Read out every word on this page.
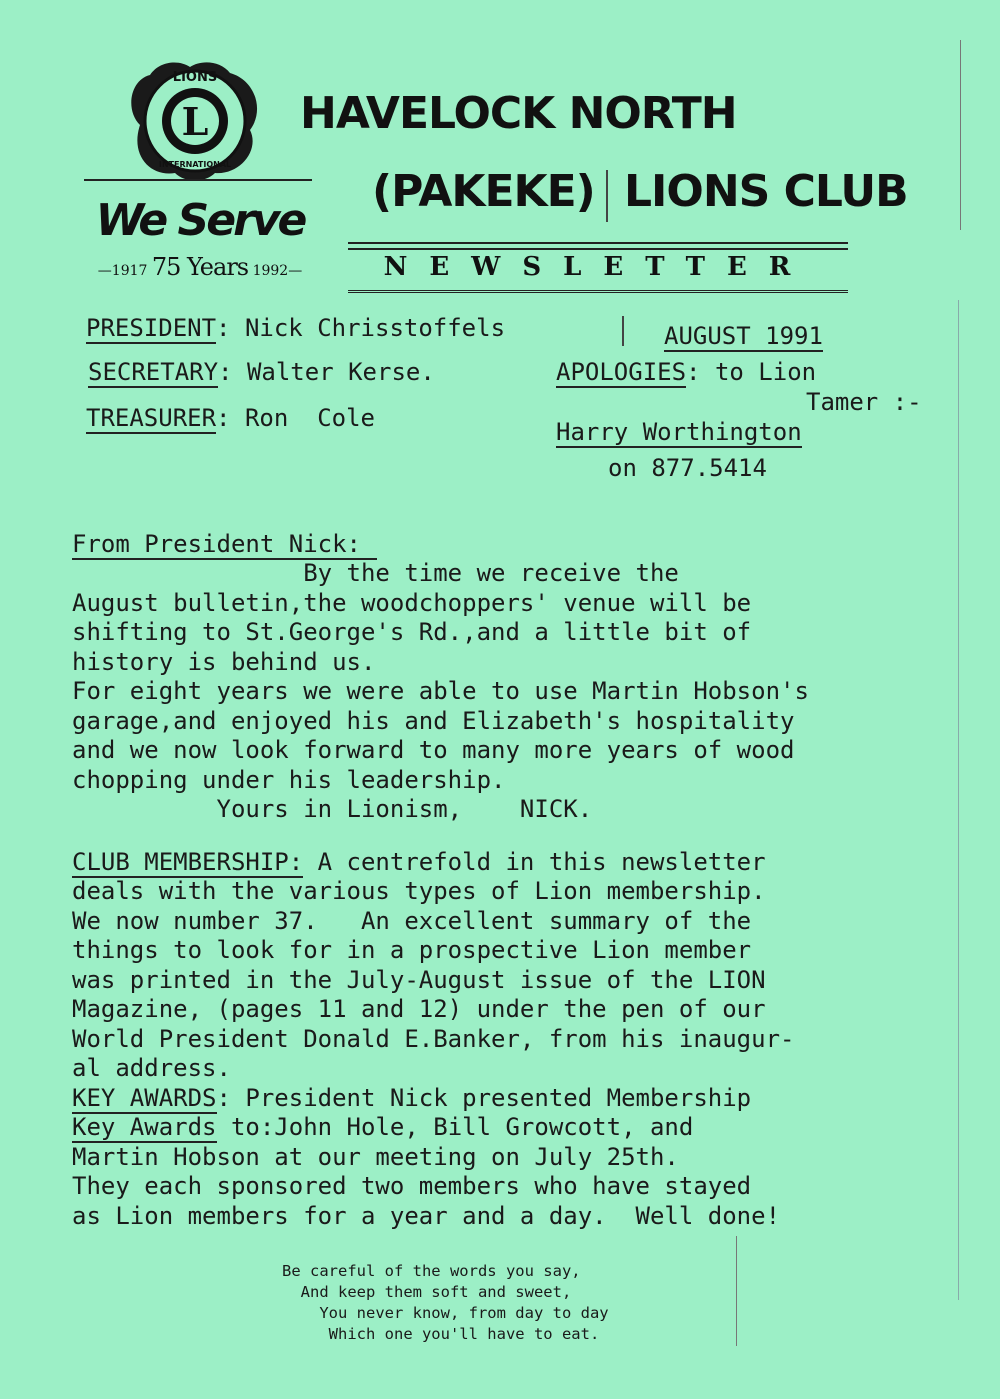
L
LIONS
INTERNATIONAL
We Serve
—1917 75 Years 1992—
HAVELOCK NORTH
(PAKEKE) LIONS CLUB
NEWSLETTER
PRESIDENT: Nick Chrisstoffels
SECRETARY: Walter Kerse.
TREASURER: Ron  Cole
AUGUST 1991
APOLOGIES: to Lion
Tamer :-
Harry Worthington
on 877.5414

From President Nick:
By the time we receive the
August bulletin,the woodchoppers' venue will be
shifting to St.George's Rd.,and a little bit of
history is behind us.
For eight years we were able to use Martin Hobson's
garage,and enjoyed his and Elizabeth's hospitality
and we now look forward to many more years of wood
chopping under his leadership.
Yours in Lionism,    NICK.

CLUB MEMBERSHIP: A centrefold in this newsletter
deals with the various types of Lion membership.
We now number 37.   An excellent summary of the
things to look for in a prospective Lion member
was printed in the July-August issue of the LION
Magazine, (pages 11 and 12) under the pen of our
World President Donald E.Banker, from his inaugur-
al address.
KEY AWARDS: President Nick presented Membership
Key Awards to:John Hole, Bill Growcott, and
Martin Hobson at our meeting on July 25th.
They each sponsored two members who have stayed
as Lion members for a year and a day.  Well done!

Be careful of the words you say,
And keep them soft and sweet,
You never know, from day to day
Which one you'll have to eat.
